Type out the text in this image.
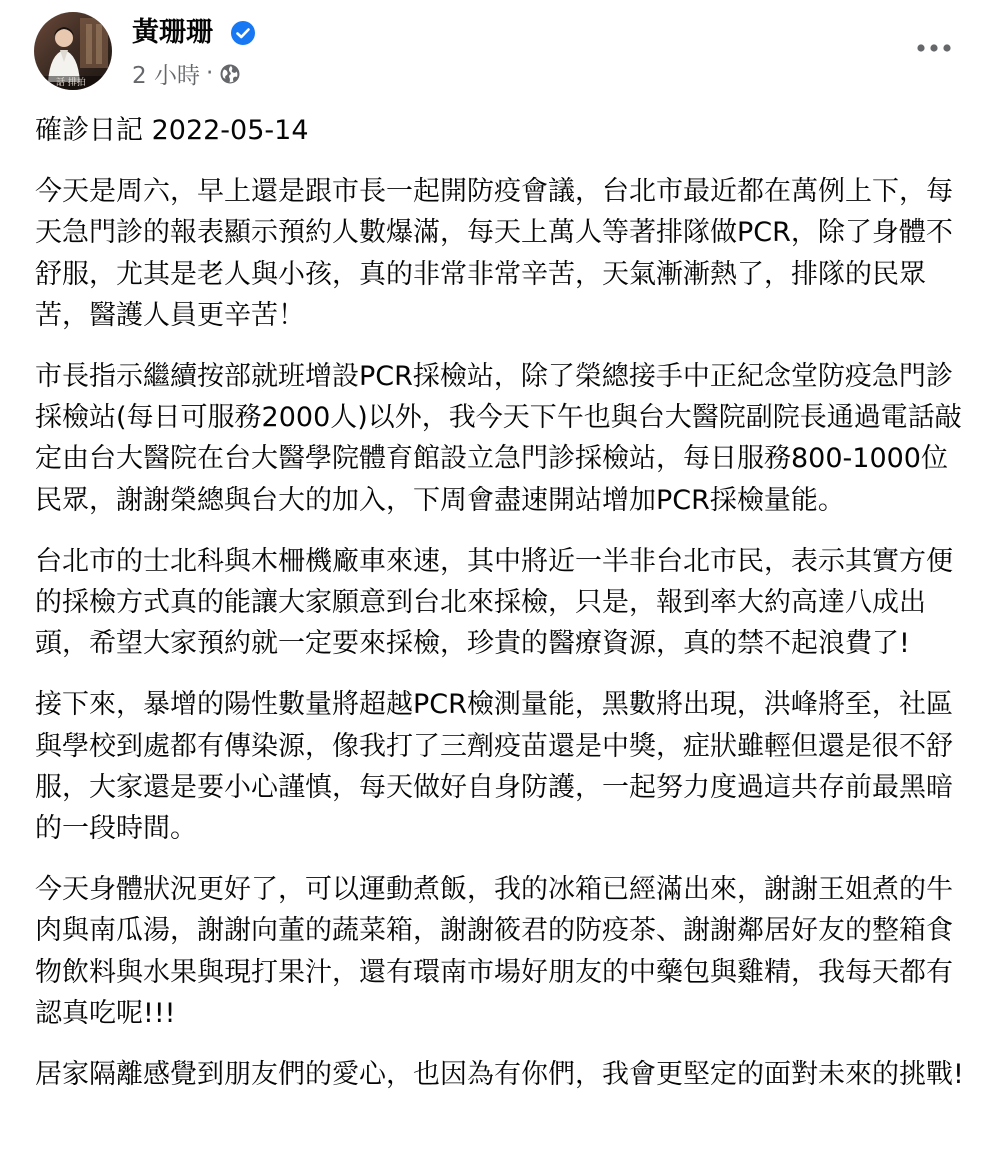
話 排拍
黃珊珊
2 小時 ·

確診日記 2022-05-14

今天是周六，早上還是跟市長一起開防疫會議，台北市最近都在萬例上下，每天急門診的報表顯示預約人數爆滿，每天上萬人等著排隊做PCR，除了身體不舒服，尤其是老人與小孩，真的非常非常辛苦，天氣漸漸熱了，排隊的民眾苦，醫護人員更辛苦！

市長指示繼續按部就班增設PCR採檢站，除了榮總接手中正紀念堂防疫急門診採檢站(每日可服務2000人)以外，我今天下午也與台大醫院副院長通過電話敲定由台大醫院在台大醫學院體育館設立急門診採檢站，每日服務800-1000位民眾，謝謝榮總與台大的加入，下周會盡速開站增加PCR採檢量能。

台北市的士北科與木柵機廠車來速，其中將近一半非台北市民，表示其實方便的採檢方式真的能讓大家願意到台北來採檢，只是，報到率大約高達八成出頭，希望大家預約就一定要來採檢，珍貴的醫療資源，真的禁不起浪費了!

接下來，暴增的陽性數量將超越PCR檢測量能，黑數將出現，洪峰將至，社區與學校到處都有傳染源，像我打了三劑疫苗還是中獎，症狀雖輕但還是很不舒服，大家還是要小心謹慎，每天做好自身防護，一起努力度過這共存前最黑暗的一段時間。

今天身體狀況更好了，可以運動煮飯，我的冰箱已經滿出來，謝謝王姐煮的牛肉與南瓜湯，謝謝向董的蔬菜箱，謝謝筱君的防疫茶、謝謝鄰居好友的整箱食物飲料與水果與現打果汁，還有環南市場好朋友的中藥包與雞精，我每天都有認真吃呢!!!

居家隔離感覺到朋友們的愛心，也因為有你們，我會更堅定的面對未來的挑戰!
